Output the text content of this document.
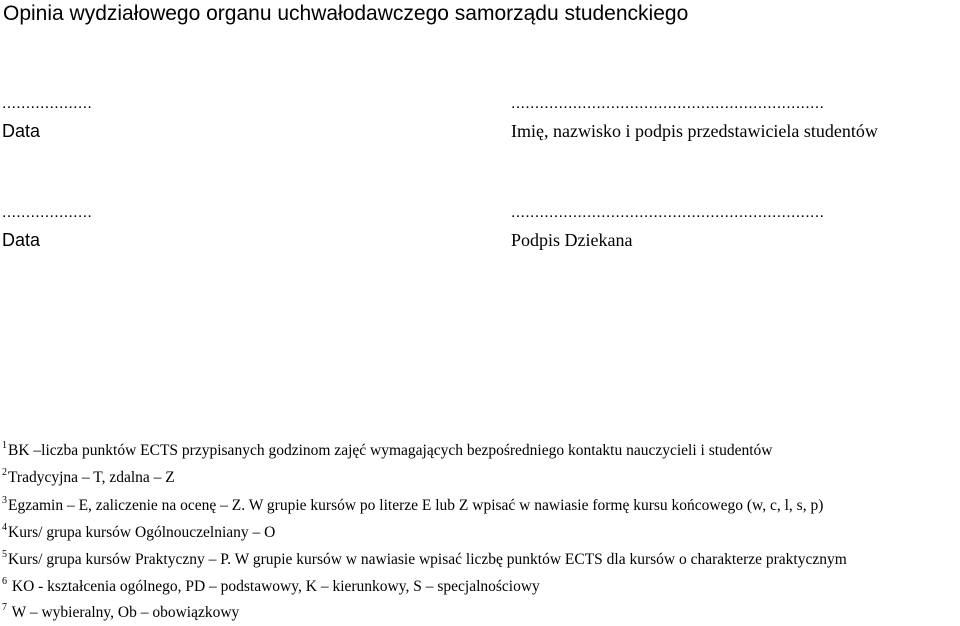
Opinia wydziałowego organu uchwałodawczego samorządu studenckiego
...................
Data
..................................................................
Imię, nazwisko i podpis przedstawiciela studentów
...................
Data
..................................................................
Podpis Dziekana
$^1$BK –liczba punktów ECTS przypisanych godzinom zajęć wymagających bezpośredniego kontaktu nauczycieli i studentów
$^2$Tradycyjna – T, zdalna – Z
$^3$Egzamin – E, zaliczenie na ocenę – Z. W grupie kursów po literze E lub Z wpisać w nawiasie formę kursu końcowego (w, c, l, s, p)
$^4$Kurs/ grupa kursów Ogólnouczelniany – O
$^5$Kurs/ grupa kursów Praktyczny – P. W grupie kursów w nawiasie wpisać liczbę punktów ECTS dla kursów o charakterze praktycznym
$^6$ KO - kształcenia ogólnego, PD – podstawowy, K – kierunkowy, S – specjalnościowy
$^7$ W – wybieralny, Ob – obowiązkowy
